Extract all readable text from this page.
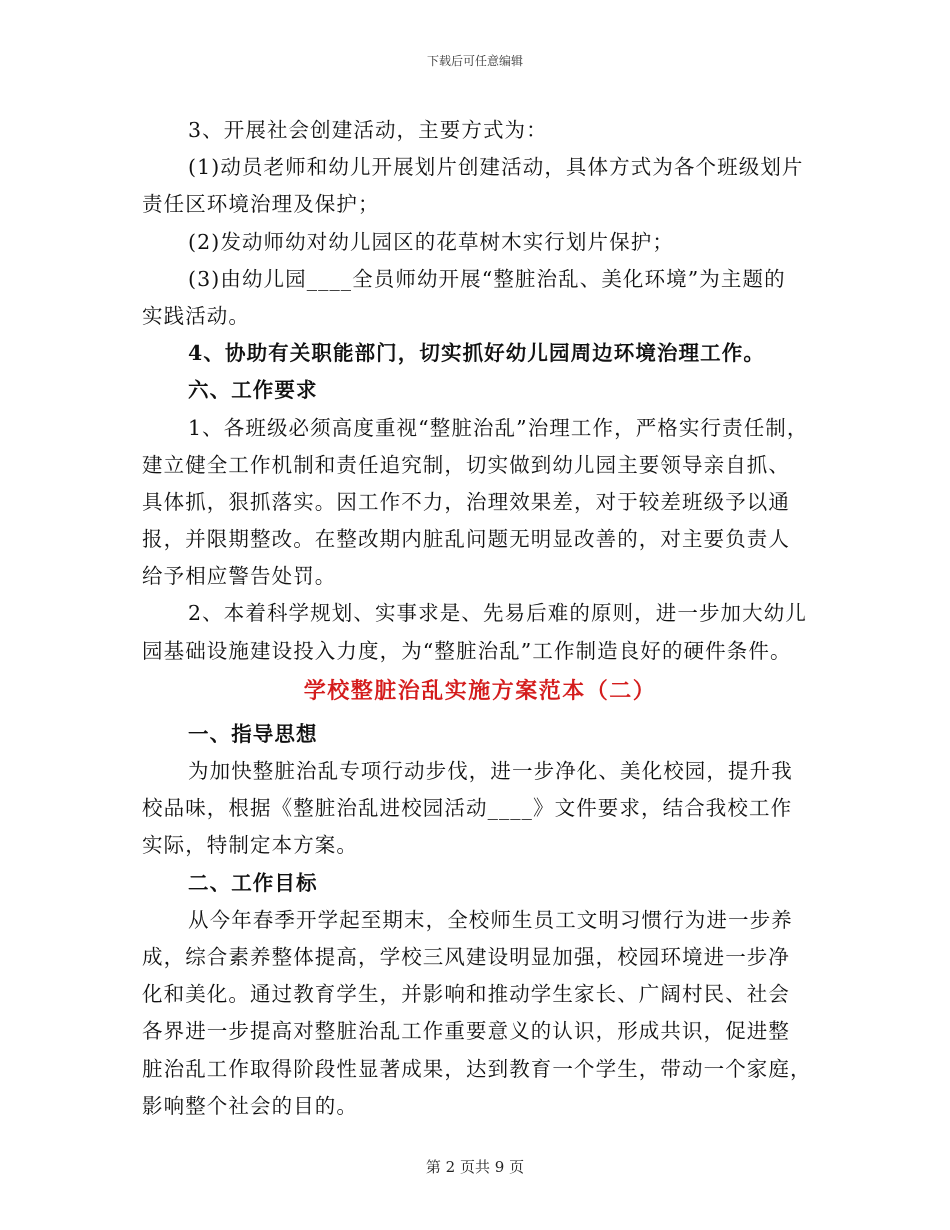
下载后可任意编辑
3、开展社会创建活动，主要方式为：
(1)动员老师和幼儿开展划片创建活动，具体方式为各个班级划片
责任区环境治理及保护；
(2)发动师幼对幼儿园区的花草树木实行划片保护；
(3)由幼儿园____全员师幼开展“整脏治乱、美化环境”为主题的
实践活动。
4、协助有关职能部门，切实抓好幼儿园周边环境治理工作。
六、工作要求
1、各班级必须高度重视“整脏治乱”治理工作，严格实行责任制，
建立健全工作机制和责任追究制，切实做到幼儿园主要领导亲自抓、
具体抓，狠抓落实。因工作不力，治理效果差，对于较差班级予以通
报，并限期整改。在整改期内脏乱问题无明显改善的，对主要负责人
给予相应警告处罚。
2、本着科学规划、实事求是、先易后难的原则，进一步加大幼儿
园基础设施建设投入力度，为“整脏治乱”工作制造良好的硬件条件。
学校整脏治乱实施方案范本（二）
一、指导思想
为加快整脏治乱专项行动步伐，进一步净化、美化校园，提升我
校品味，根据《整脏治乱进校园活动____》文件要求，结合我校工作
实际，特制定本方案。
二、工作目标
从今年春季开学起至期末，全校师生员工文明习惯行为进一步养
成，综合素养整体提高，学校三风建设明显加强，校园环境进一步净
化和美化。通过教育学生，并影响和推动学生家长、广阔村民、社会
各界进一步提高对整脏治乱工作重要意义的认识，形成共识，促进整
脏治乱工作取得阶段性显著成果，达到教育一个学生，带动一个家庭，
影响整个社会的目的。
第 2 页共 9 页
